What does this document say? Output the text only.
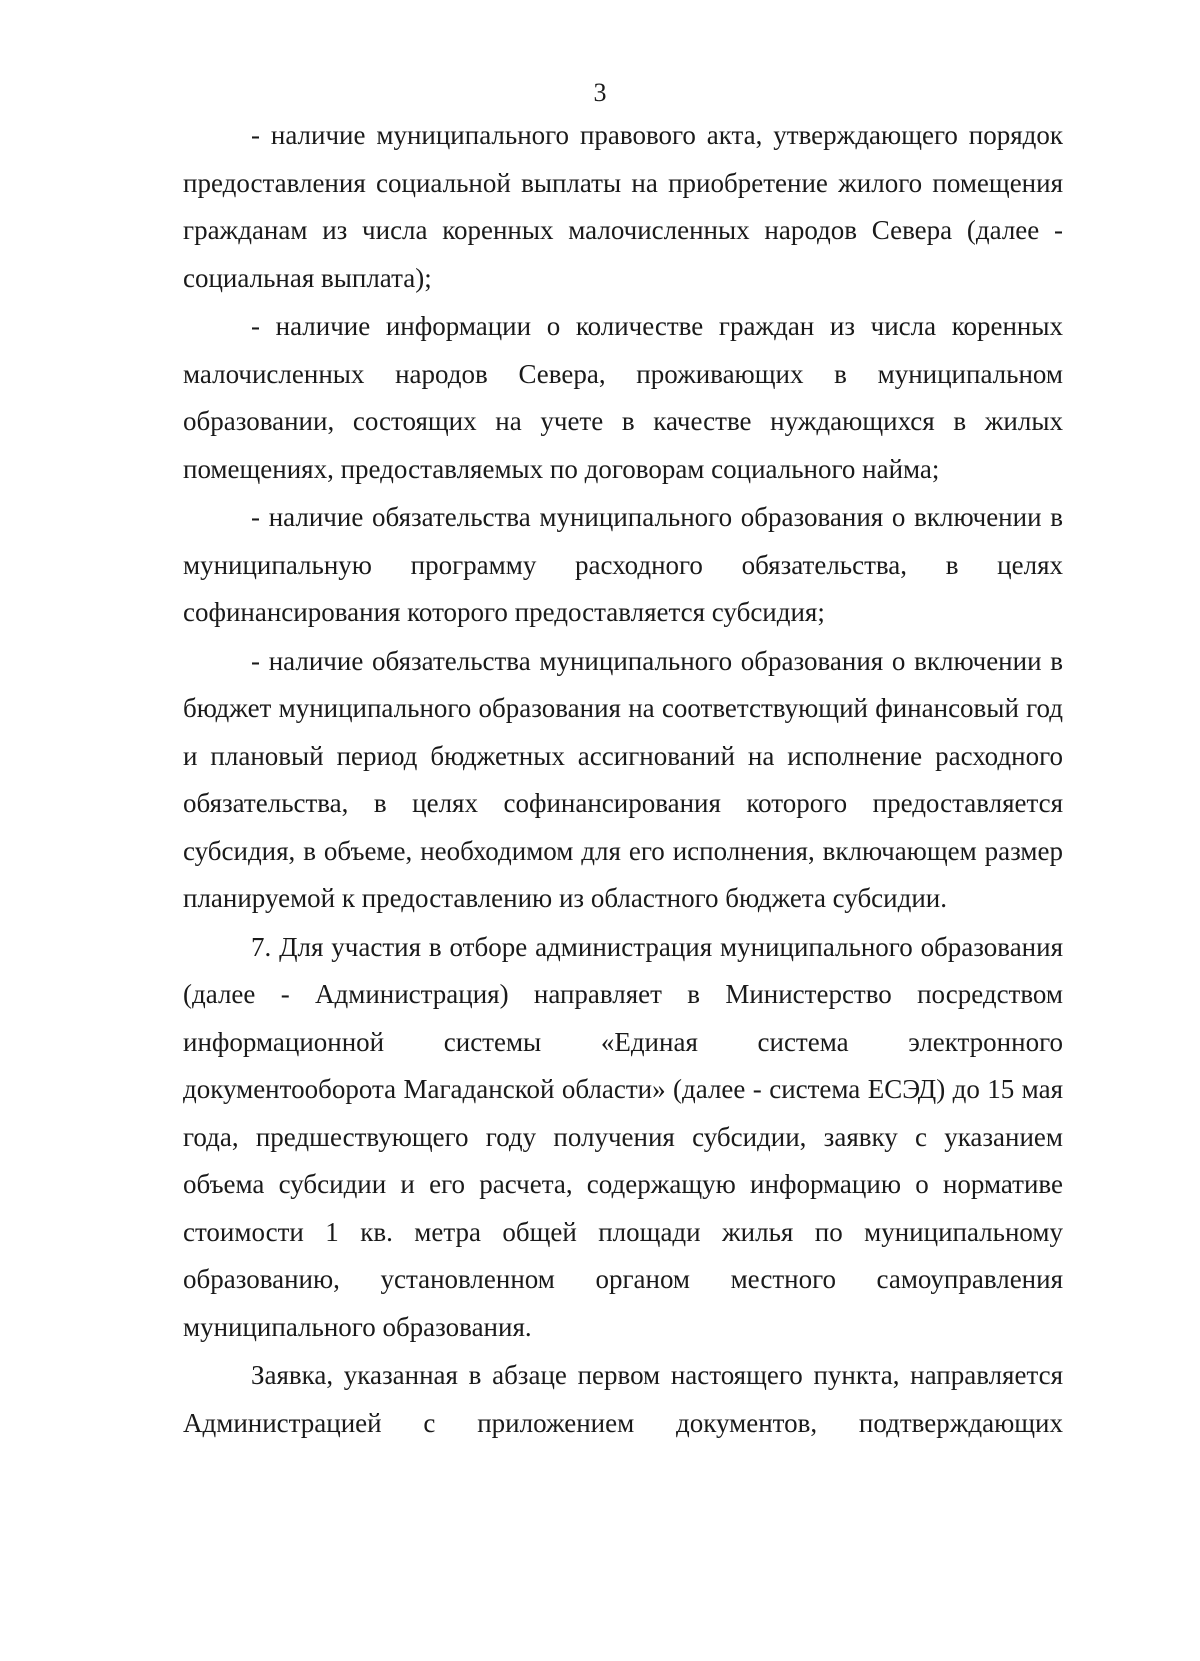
3

- наличие муниципального правового акта, утверждающего порядок предоставления социальной выплаты на приобретение жилого помещения гражданам из числа коренных малочисленных народов Севера (далее - социальная выплата);

- наличие информации о количестве граждан из числа коренных малочисленных народов Севера, проживающих в муниципальном образовании, состоящих на учете в качестве нуждающихся в жилых помещениях, предоставляемых по договорам социального найма;

- наличие обязательства муниципального образования о включении в муниципальную программу расходного обязательства, в целях софинансирования которого предоставляется субсидия;

- наличие обязательства муниципального образования о включении в бюджет муниципального образования на соответствующий финансовый год и плановый период бюджетных ассигнований на исполнение расходного обязательства, в целях софинансирования которого предоставляется субсидия, в объеме, необходимом для его исполнения, включающем размер планируемой к предоставлению из областного бюджета субсидии.

7. Для участия в отборе администрация муниципального образования (далее - Администрация) направляет в Министерство посредством информационной системы «Единая система электронного документооборота Магаданской области» (далее - система ЕСЭД) до 15 мая года, предшествующего году получения субсидии, заявку с указанием объема субсидии и его расчета, содержащую информацию о нормативе стоимости 1 кв. метра общей площади жилья по муниципальному образованию, установленном органом местного самоуправления муниципального образования.

Заявка, указанная в абзаце первом настоящего пункта, направляется Администрацией с приложением документов, подтверждающих
